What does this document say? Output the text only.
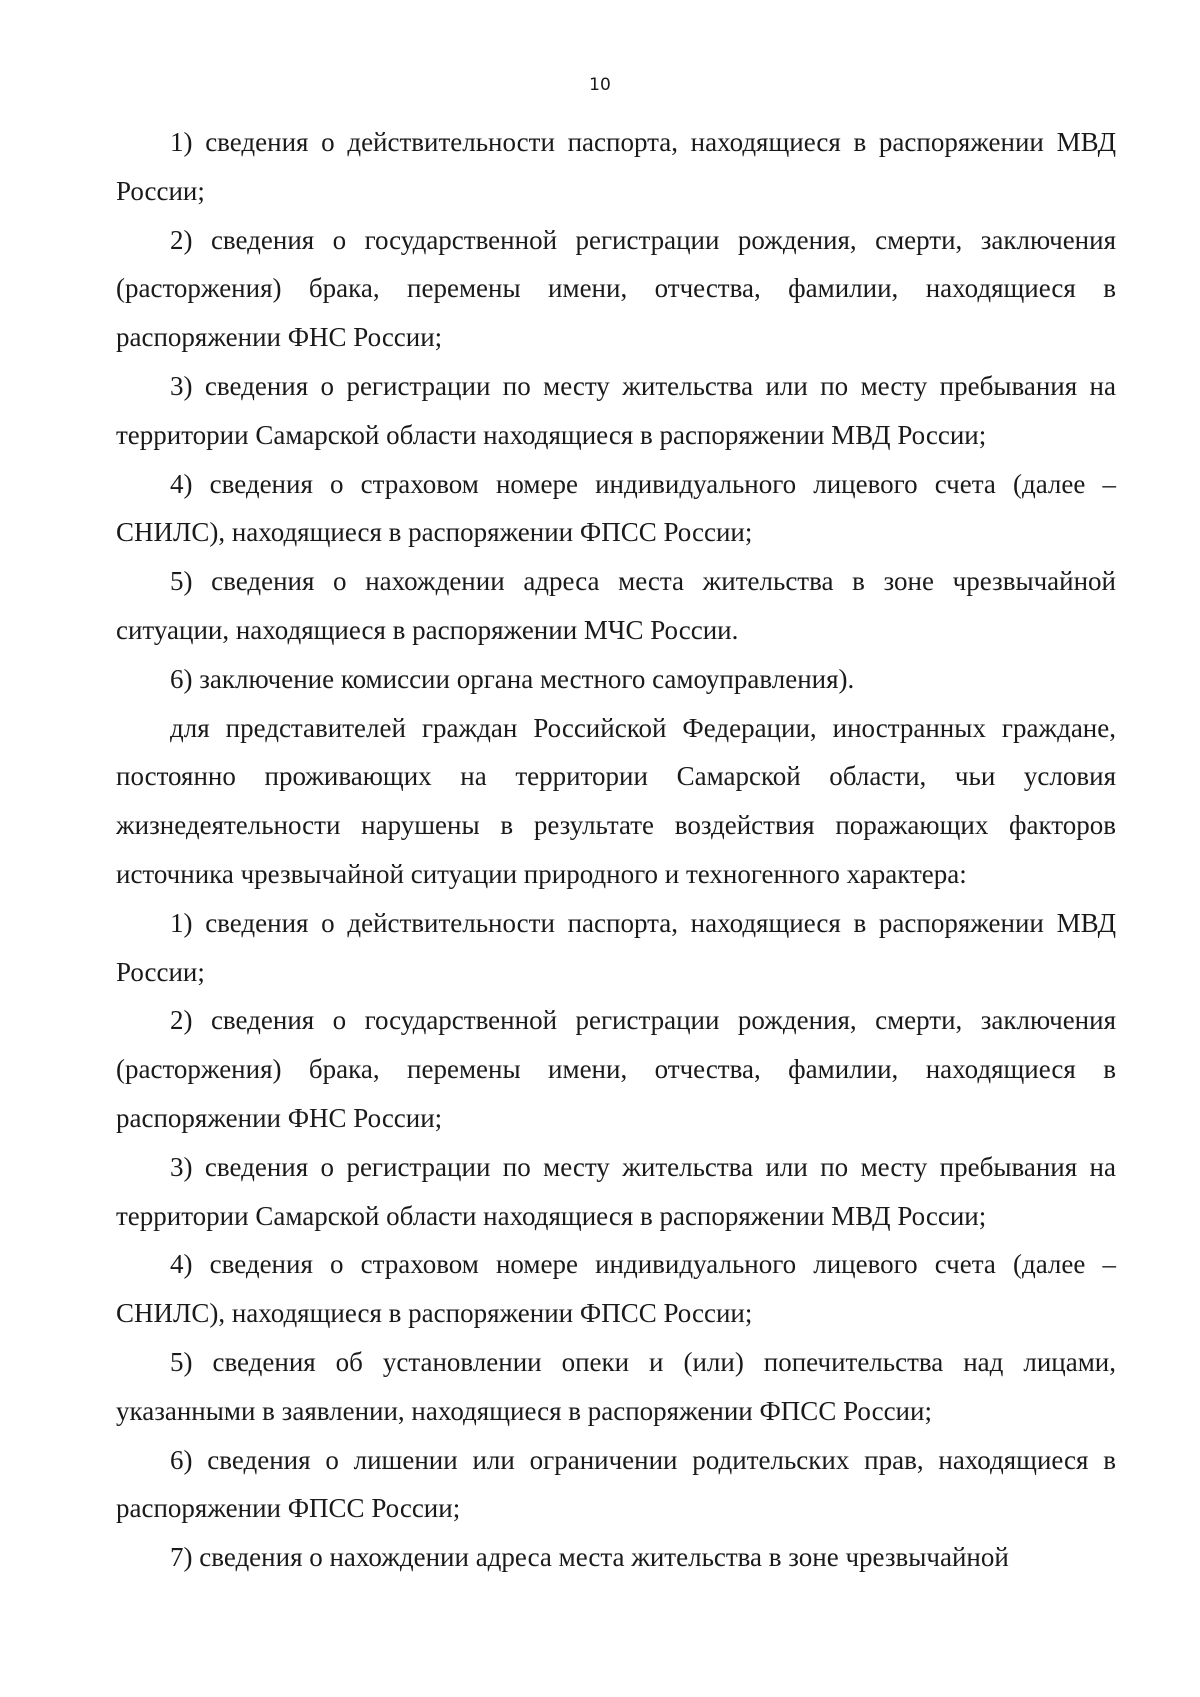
10

1) сведения о действительности паспорта, находящиеся в распоряжении МВД России;

2) сведения о государственной регистрации рождения, смерти, заключения (расторжения) брака, перемены имени, отчества, фамилии, находящиеся в распоряжении ФНС России;

3) сведения о регистрации по месту жительства или по месту пребывания на территории Самарской области находящиеся в распоряжении МВД России;

4) сведения о страховом номере индивидуального лицевого счета (далее – СНИЛС), находящиеся в распоряжении ФПСС России;

5) сведения о нахождении адреса места жительства в зоне чрезвычайной ситуации, находящиеся в распоряжении МЧС России.

6) заключение комиссии органа местного самоуправления).

для представителей граждан Российской Федерации, иностранных граждане, постоянно проживающих на территории Самарской области, чьи условия жизнедеятельности нарушены в результате воздействия поражающих факторов источника чрезвычайной ситуации природного и техногенного характера:

1) сведения о действительности паспорта, находящиеся в распоряжении МВД России;

2) сведения о государственной регистрации рождения, смерти, заключения (расторжения) брака, перемены имени, отчества, фамилии, находящиеся в распоряжении ФНС России;

3) сведения о регистрации по месту жительства или по месту пребывания на территории Самарской области находящиеся в распоряжении МВД России;

4) сведения о страховом номере индивидуального лицевого счета (далее – СНИЛС), находящиеся в распоряжении ФПСС России;

5) сведения об установлении опеки и (или) попечительства над лицами, указанными в заявлении, находящиеся в распоряжении ФПСС России;

6) сведения о лишении или ограничении родительских прав, находящиеся в распоряжении ФПСС России;

7) сведения о нахождении адреса места жительства в зоне чрезвычайной
